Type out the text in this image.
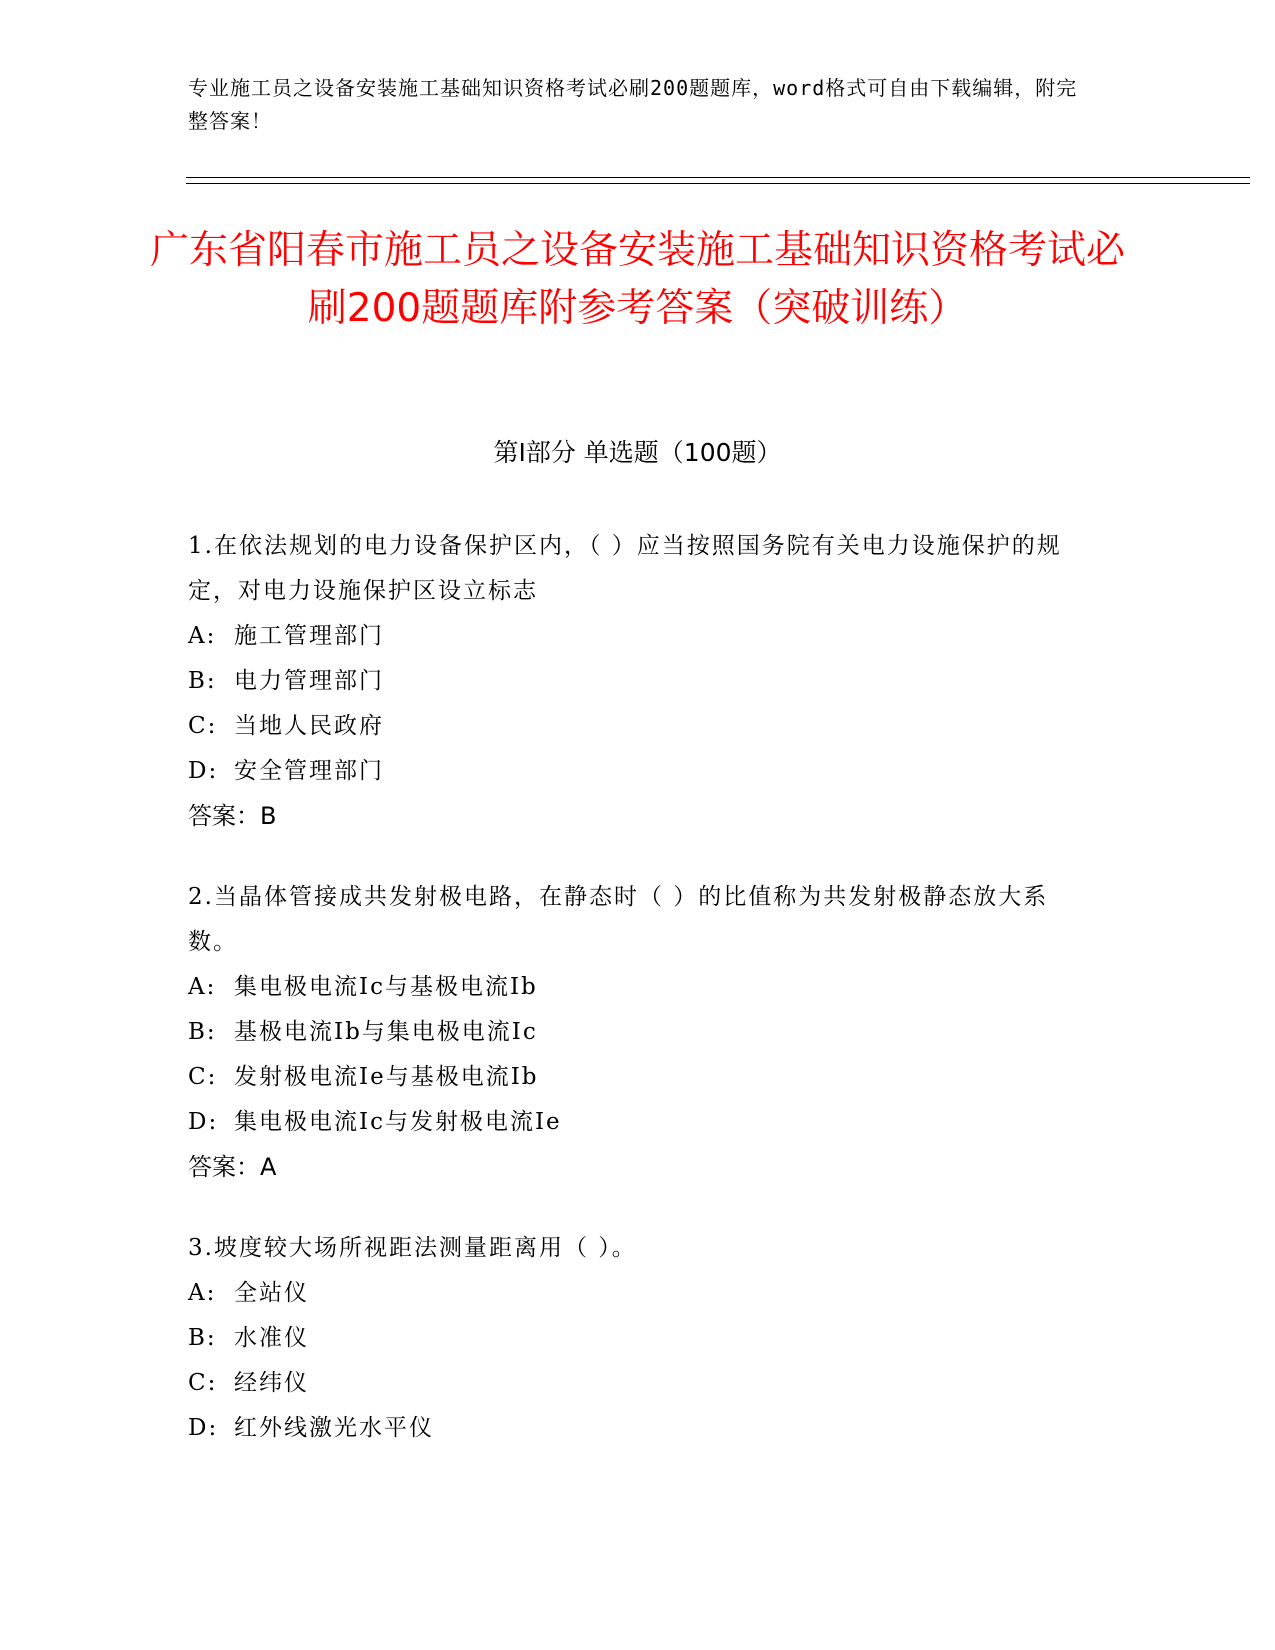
专业施工员之设备安装施工基础知识资格考试必刷200题题库，word格式可自由下载编辑，附完整答案！
广东省阳春市施工员之设备安装施工基础知识资格考试必刷200题题库附参考答案（突破训练）
第Ⅰ部分 单选题（100题）
1.在依法规划的电力设备保护区内，（ ）应当按照国务院有关电力设施保护的规定，对电力设施保护区设立标志
A: 施工管理部门
B: 电力管理部门
C: 当地人民政府
D: 安全管理部门
答案：B
2.当晶体管接成共发射极电路，在静态时（ ）的比值称为共发射极静态放大系数。
A: 集电极电流Ic与基极电流Ib
B: 基极电流Ib与集电极电流Ic
C: 发射极电流Ie与基极电流Ib
D: 集电极电流Ic与发射极电流Ie
答案：A
3.坡度较大场所视距法测量距离用（ ）。
A: 全站仪
B: 水准仪
C: 经纬仪
D: 红外线激光水平仪
